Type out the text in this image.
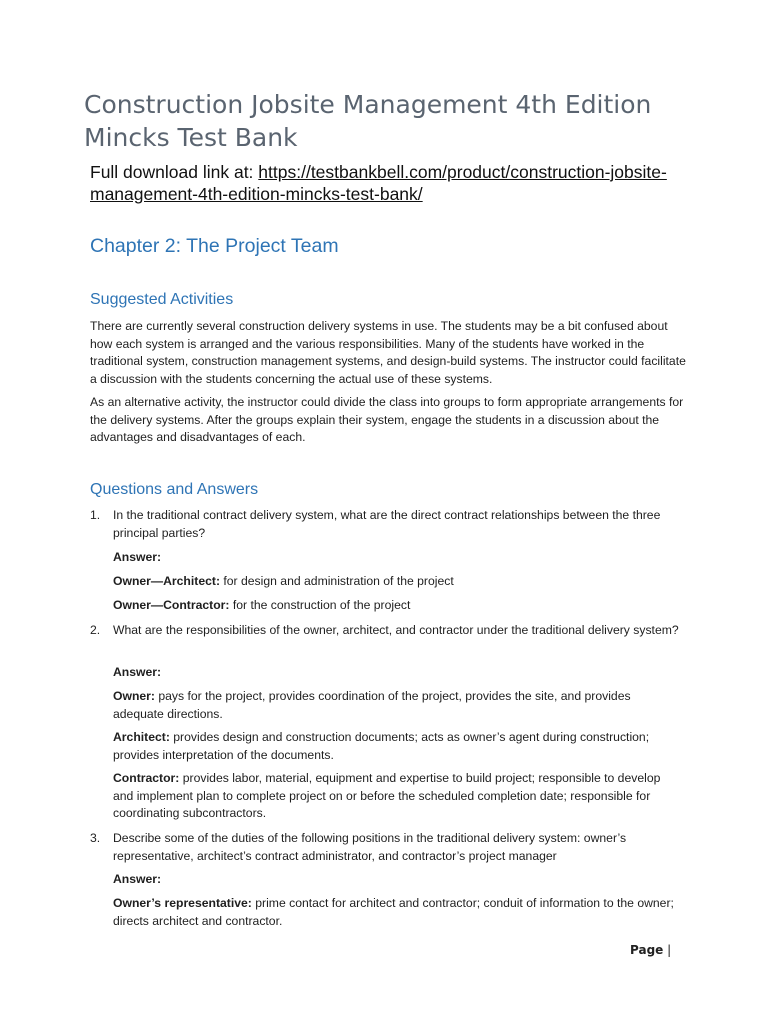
Construction Jobsite Management 4th Edition Mincks Test Bank
Full download link at: https://testbankbell.com/product/construction-jobsite-management-4th-edition-mincks-test-bank/
Chapter 2: The Project Team
Suggested Activities

There are currently several construction delivery systems in use. The students may be a bit confused about how each system is arranged and the various responsibilities. Many of the students have worked in the traditional system, construction management systems, and design-build systems. The instructor could facilitate a discussion with the students concerning the actual use of these systems.

As an alternative activity, the instructor could divide the class into groups to form appropriate arrangements for the delivery systems. After the groups explain their system, engage the students in a discussion about the advantages and disadvantages of each.

Questions and Answers
1. In the traditional contract delivery system, what are the direct contract relationships between the three principal parties?

Answer:

Owner—Architect: for design and administration of the project

Owner—Contractor: for the construction of the project

2. What are the responsibilities of the owner, architect, and contractor under the traditional delivery system?

Answer:

Owner: pays for the project, provides coordination of the project, provides the site, and provides adequate directions.

Architect: provides design and construction documents; acts as owner’s agent during construction; provides interpretation of the documents.

Contractor: provides labor, material, equipment and expertise to build project; responsible to develop and implement plan to complete project on or before the scheduled completion date; responsible for coordinating subcontractors.

3. Describe some of the duties of the following positions in the traditional delivery system: owner’s representative, architect’s contract administrator, and contractor’s project manager

Answer:

Owner’s representative: prime contact for architect and contractor; conduit of information to the owner; directs architect and contractor.

Page |
